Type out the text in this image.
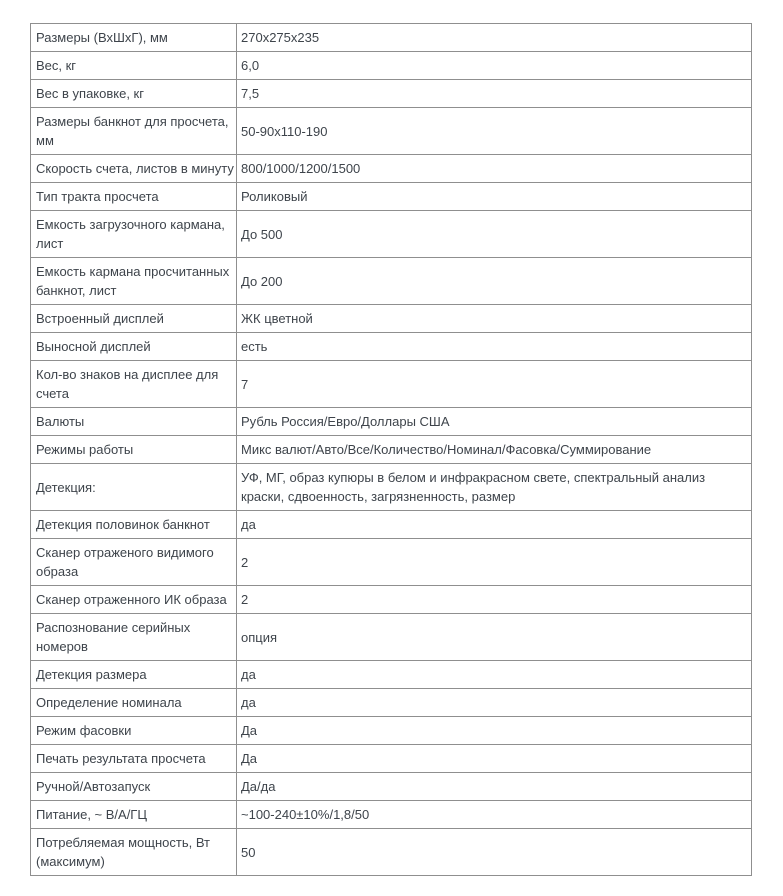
Размеры (ВхШхГ), мм	270x275x235
Вес, кг	6,0
Вес в упаковке, кг	7,5
Размеры банкнот для просчета, мм	50-90x110-190
Скорость счета, листов в минуту	800/1000/1200/1500
Тип тракта просчета	Роликовый
Емкость загрузочного кармана, лист	До 500
Емкость кармана просчитанных банкнот, лист	До 200
Встроенный дисплей	ЖК цветной
Выносной дисплей	есть
Кол-во знаков на дисплее для счета	7
Валюты	Рубль Россия/Евро/Доллары США
Режимы работы	Микс валют/Авто/Все/Количество/Номинал/Фасовка/Суммирование
Детекция:	УФ, МГ, образ купюры в белом и инфракрасном свете, спектральный анализ краски, сдвоенность, загрязненность, размер
Детекция половинок банкнот	да
Сканер отраженого видимого образа	2
Сканер отраженного ИК образа	2
Распознование серийных номеров	опция
Детекция размера	да
Определение номинала	да
Режим фасовки	Да
Печать результата просчета	Да
Ручной/Автозапуск	Да/да
Питание, ~ В/А/ГЦ	~100-240±10%/1,8/50
Потребляемая мощность, Вт (максимум)	50
